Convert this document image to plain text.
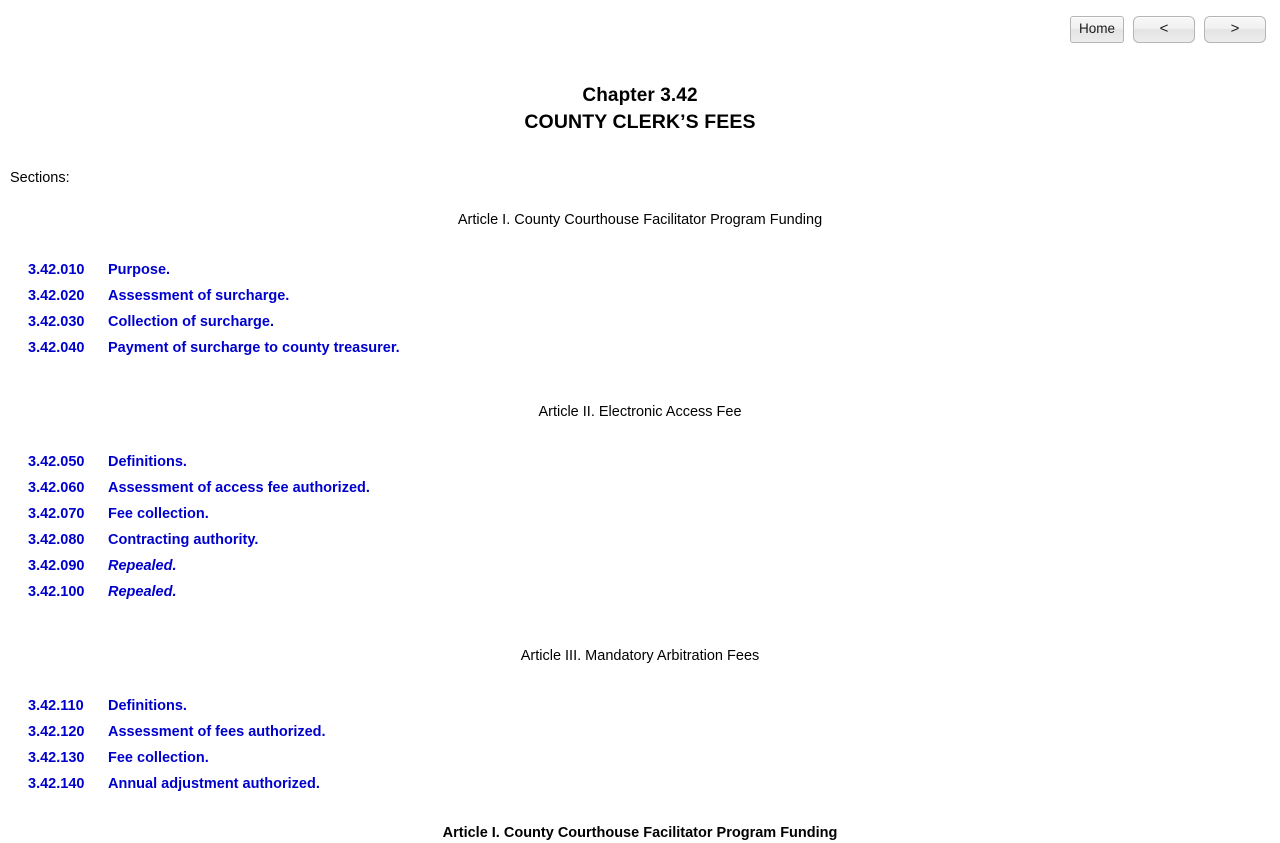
Home	<	>
Chapter 3.42
COUNTY CLERK’S FEES

Sections:

Article I. County Courthouse Facilitator Program Funding

3.42.010	Purpose.
3.42.020	Assessment of surcharge.
3.42.030	Collection of surcharge.
3.42.040	Payment of surcharge to county treasurer.

Article II. Electronic Access Fee

3.42.050	Definitions.
3.42.060	Assessment of access fee authorized.
3.42.070	Fee collection.
3.42.080	Contracting authority.
3.42.090	Repealed.
3.42.100	Repealed.

Article III. Mandatory Arbitration Fees

3.42.110	Definitions.
3.42.120	Assessment of fees authorized.
3.42.130	Fee collection.
3.42.140	Annual adjustment authorized.

Article I. County Courthouse Facilitator Program Funding
